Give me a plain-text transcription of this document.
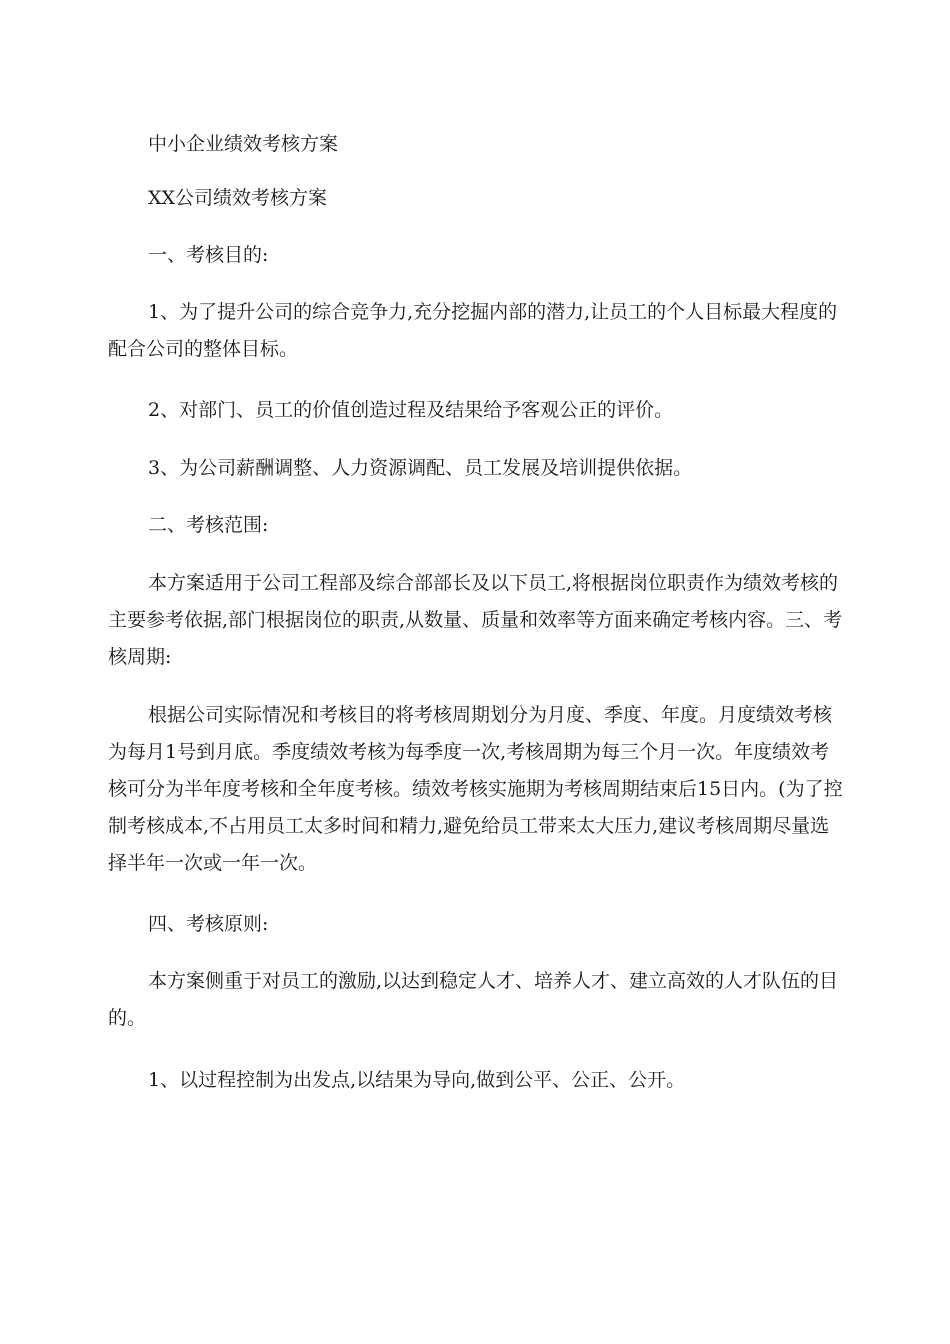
中小企业绩效考核方案

XX公司绩效考核方案

一、考核目的:

1、为了提升公司的综合竞争力,充分挖掘内部的潜力,让员工的个人目标最大程度的配合公司的整体目标。

2、对部门、员工的价值创造过程及结果给予客观公正的评价。

3、为公司薪酬调整、人力资源调配、员工发展及培训提供依据。

二、考核范围:

本方案适用于公司工程部及综合部部长及以下员工,将根据岗位职责作为绩效考核的主要参考依据,部门根据岗位的职责,从数量、质量和效率等方面来确定考核内容。三、考核周期:

根据公司实际情况和考核目的将考核周期划分为月度、季度、年度。月度绩效考核为每月1号到月底。季度绩效考核为每季度一次,考核周期为每三个月一次。年度绩效考核可分为半年度考核和全年度考核。绩效考核实施期为考核周期结束后15日内。(为了控制考核成本,不占用员工太多时间和精力,避免给员工带来太大压力,建议考核周期尽量选择半年一次或一年一次。

四、考核原则:

本方案侧重于对员工的激励,以达到稳定人才、培养人才、建立高效的人才队伍的目的。

1、以过程控制为出发点,以结果为导向,做到公平、公正、公开。
